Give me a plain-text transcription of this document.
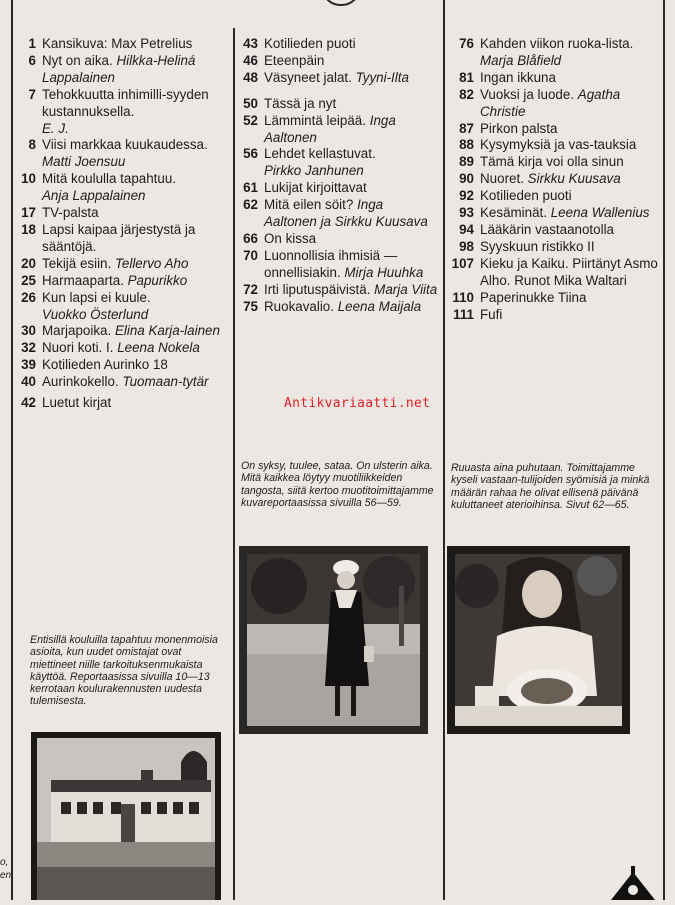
1 Kansikuva: Max Petrelius
6 Nyt on aika. Hilkka-Heliná Lappalainen
7 Tehokkuutta inhimilli-syyden kustannuksella.
E. J.
8 Viisi markkaa kuukaudessa. Matti Joensuu
10 Mitä koululla tapahtuu.
Anja Lappalainen
17 TV-palsta
18 Lapsi kaipaa järjestystä ja sääntöjä.
20 Tekijä esiin. Tellervo Aho
25 Harmaaparta. Papurikko
26 Kun lapsi ei kuule.
Vuokko Österlund
30 Marjapoika. Elina Karja-lainen
32 Nuori koti. I. Leena Nokela
39 Kotilieden Aurinko 18
40 Aurinkokello. Tuomaan-tytär
42 Luetut kirjat
43 Kotilieden puoti
46 Eteenpäin
48 Väsyneet jalat. Tyyni-Ilta
50 Tässä ja nyt
52 Lämmintä leipää. Inga Aaltonen
56 Lehdet kellastuvat.
Pirkko Janhunen
61 Lukijat kirjoittavat
62 Mitä eilen söit? Inga Aaltonen ja Sirkku Kuusava
66 On kissa
70 Luonnollisia ihmisiä — onnellisiakin. Mirja Huuhka
72 Irti liputuspäivistä. Marja Viita
75 Ruokavalio. Leena Maijala
76 Kahden viikon ruoka-lista. Marja Blåfield
81 Ingan ikkuna
82 Vuoksi ja luode. Agatha Christie
87 Pirkon palsta
88 Kysymyksiä ja vas-tauksia
89 Tämä kirja voi olla sinun
90 Nuoret. Sirkku Kuusava
92 Kotilieden puoti
93 Kesäminät. Leena Wallenius
94 Lääkärin vastaanotolla
98 Syyskuun ristikko II
107 Kieku ja Kaiku. Piirtänyt Asmo Alho. Runot Mika Waltari
110 Paperinukke Tiina
111 Fufi
Antikvariaatti.net
On syksy, tuulee, sataa. On ulsterin aika. Mitä kaikkea löytyy muotiliikkeiden tangosta, siitä kertoo muotitoimittajamme kuvareportaasissa sivuilla 56—59.
Ruuasta aina puhutaan. Toimittajamme kyseli vastaan-tulijoiden syömisiä ja minkä määrän rahaa he olivat ellisenä päivänä kuluttaneet aterioihinsa. Sivut 62—65.
Entisillä kouluilla tapahtuu monenmoisia asioita, kun uudet omistajat ovat miettineet niille tarkoituksenmukaista käyttöä. Reportaasissa sivuilla 10—13 kerrotaan koulurakennusten uudesta tulemisesta.
o,
en,
